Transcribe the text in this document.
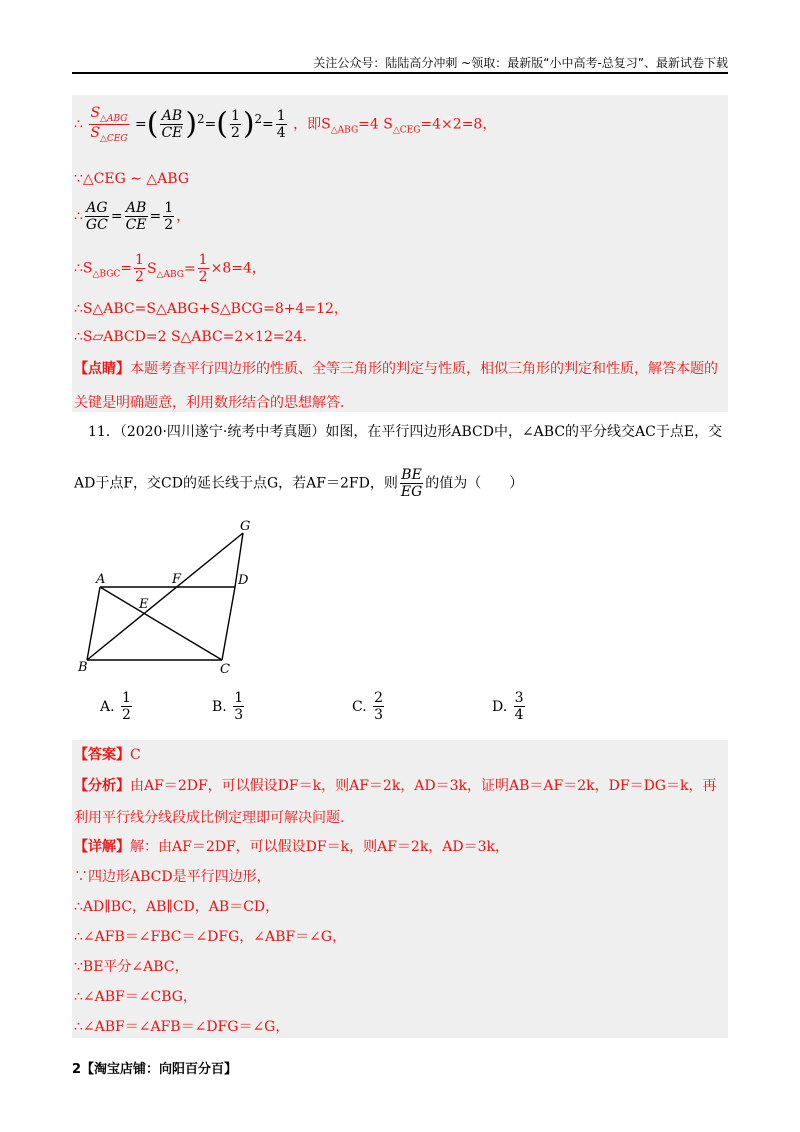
关注公众号：陆陆高分冲刺 ~领取：最新版“小中高考-总复习”、最新试卷下载
∴ $\frac{S_{\triangle ABG}}{S_{\triangle CEG}}$ =( $\frac{AB}{CE} )^2=( \frac{1}{2} )^2= \frac{1}{4}$ ，即$S_{\triangle ABG}=4$ $S_{\triangle CEG}=4\times 2=8$，
∵△CEG ∼ △ABG
∴ $\frac{AG}{GC} = \frac{AB}{CE} = \frac{1}{2}$ ，
$\therefore S_{\triangle BGC}= \frac{1}{2} S_{\triangle ABG}= \frac{1}{2} \times 8=4$，
∴S△ABC=S△ABG+S△BCG=8+4=12，
∴S▱ABCD=2 S△ABC=2×12=24．
【点睛】本题考查平行四边形的性质、全等三角形的判定与性质，相似三角形的判定和性质，解答本题的关键是明确题意，利用数形结合的思想解答．
11．（2020·四川遂宁·统考中考真题）如图，在平行四边形ABCD中，∠ABC的平分线交AC于点E，交
AD于点F，交CD的延长线于点G，若AF＝2FD，则 $\frac{BE}{EG}$ 的值为（　　）
A
B	C
D
E
F
G
A.
$\frac{1}{2}$	B.
$\frac{1}{3}$	C.
$\frac{2}{3}$	D.
$\frac{3}{4}$
【答案】C
【分析】由AF＝2DF，可以假设DF＝k，则AF＝2k，AD＝3k，证明AB＝AF＝2k，DF＝DG＝k，再利用平行线分线段成比例定理即可解决问题.
【详解】解：由AF＝2DF，可以假设DF＝k，则AF＝2k，AD＝3k，
∵四边形ABCD是平行四边形，
∴AD∥BC，AB∥CD，AB＝CD，
∴∠AFB＝∠FBC＝∠DFG，∠ABF＝∠G，
∵BE平分∠ABC，
∴∠ABF＝∠CBG，
∴∠ABF＝∠AFB＝∠DFG＝∠G，
2【淘宝店铺：向阳百分百】
